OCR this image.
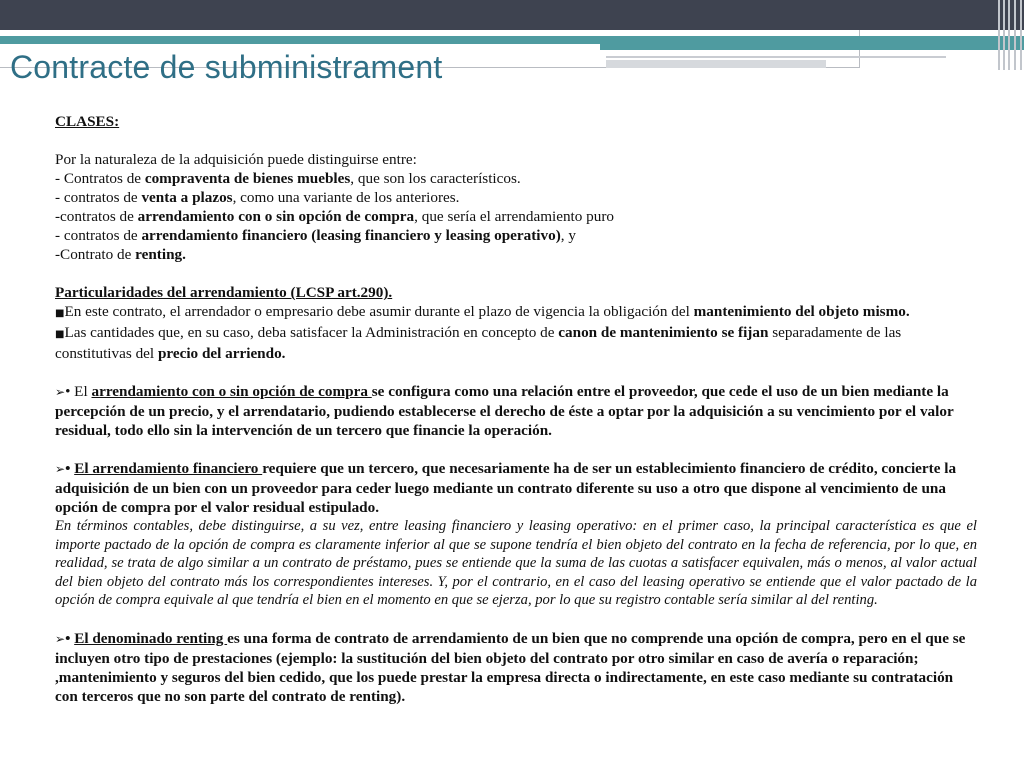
Contracte de subministrament

CLASES:

Por la naturaleza de la adquisición puede distinguirse entre:

- Contratos de compraventa de bienes muebles, que son los característicos.

- contratos de venta a plazos, como una variante de los anteriores.

-contratos de arrendamiento con o sin opción de compra, que sería el arrendamiento puro

- contratos de arrendamiento financiero (leasing financiero y leasing operativo), y

-Contrato de renting.

Particularidades del arrendamiento (LCSP art.290).

■En este contrato, el arrendador o empresario debe asumir durante el plazo de vigencia la obligación del mantenimiento del objeto mismo.

■Las cantidades que, en su caso, deba satisfacer la Administración en concepto de canon de mantenimiento se fijan separadamente de las constitutivas del precio del arriendo.

➢• El arrendamiento con o sin opción de compra se configura como una relación entre el proveedor, que cede el uso de un bien mediante la percepción de un precio, y el arrendatario, pudiendo establecerse el derecho de éste a optar por la adquisición a su vencimiento por el valor residual, todo ello sin la intervención de un tercero que financie la operación.

➢• El arrendamiento financiero requiere que un tercero, que necesariamente ha de ser un establecimiento financiero de crédito, concierte la adquisición de un bien con un proveedor para ceder luego mediante un contrato diferente su uso a otro que dispone al vencimiento de una opción de compra por el valor residual estipulado.

En términos contables, debe distinguirse, a su vez, entre leasing financiero y leasing operativo: en el primer caso, la principal característica es que el importe pactado de la opción de compra es claramente inferior al que se supone tendría el bien objeto del contrato en la fecha de referencia, por lo que, en realidad, se trata de algo similar a un contrato de préstamo, pues se entiende que la suma de las cuotas a satisfacer equivalen, más o menos, al valor actual del bien objeto del contrato más los correspondientes intereses. Y, por el contrario, en el caso del leasing operativo se entiende que el valor pactado de la opción de compra equivale al que tendría el bien en el momento en que se ejerza, por lo que su registro contable sería similar al del renting.

➢• El denominado renting es una forma de contrato de arrendamiento de un bien que no comprende una opción de compra, pero en el que se incluyen otro tipo de prestaciones (ejemplo: la sustitución del bien objeto del contrato por otro similar en caso de avería o reparación; ,mantenimiento y seguros del bien cedido, que los puede prestar la empresa directa o indirectamente, en este caso mediante su contratación con terceros que no son parte del contrato de renting).
